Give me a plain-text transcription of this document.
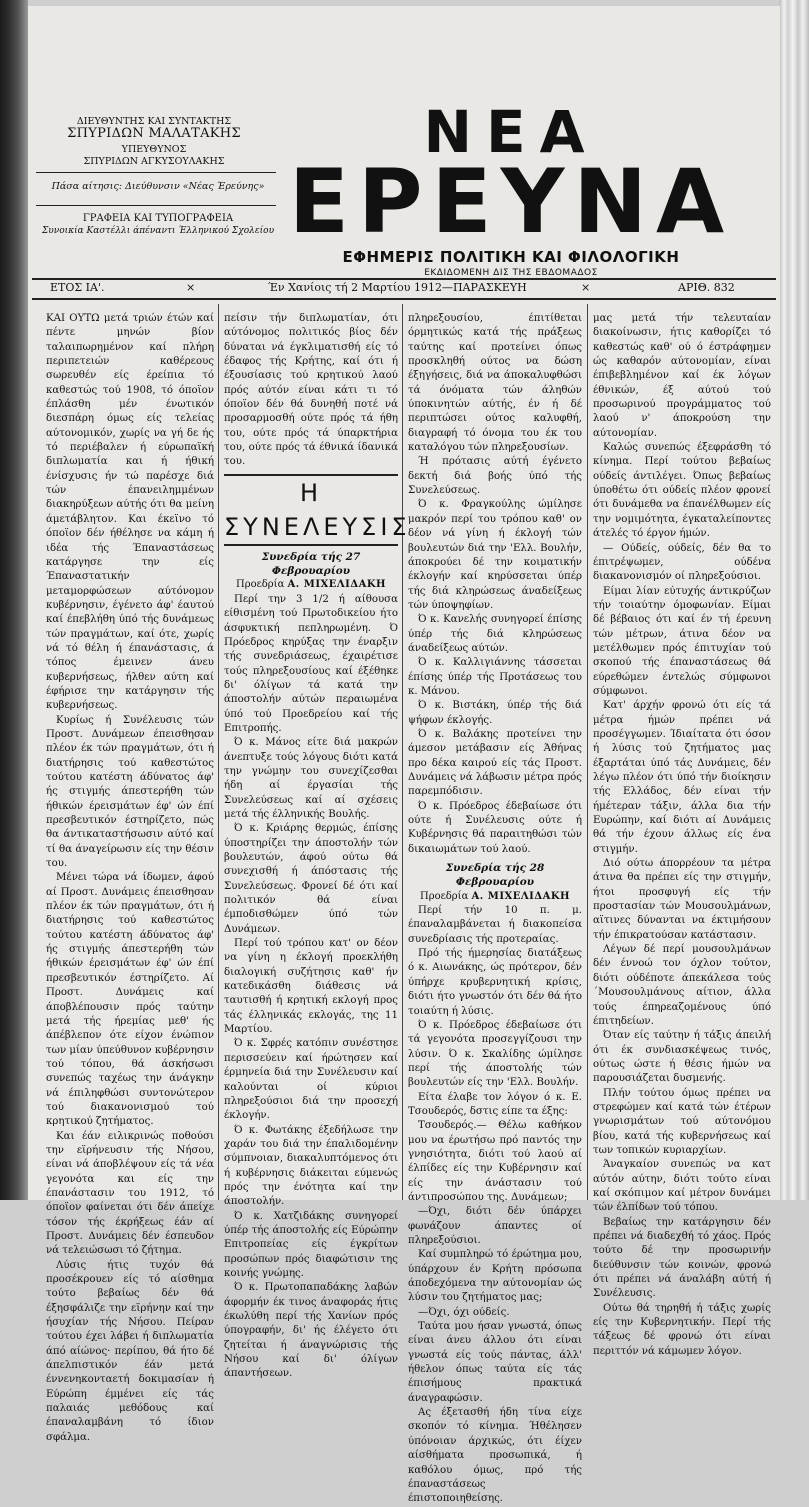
ΔΙΕΥΘΥΝΤΗΣ ΚΑΙ ΣΥΝΤΑΚΤΗΣ
ΣΠΥΡΙΔΩΝ ΜΑΛΑΤΑΚΗΣ
ΥΠΕΥΘΥΝΟΣ
ΣΠΥΡΙΔΩΝ ΑΓΚΥΣΟΥΛΑΚΗΣ
Πάσα αίτησις: Διεύθυνσιν «Νέας Έρεύνης»
ΓΡΑΦΕΙΑ ΚΑΙ ΤΥΠΟΓΡΑΦΕΙΑ
Συνοικία Καστέλλι άπέναντι Έλληνικού Σχολείου
ΝΕΑ
ΕΡΕΥΝΑ
ΕΦΗΜΕΡΙΣ ΠΟΛΙΤΙΚΗ ΚΑΙ ΦΙΛΟΛΟΓΙΚΗ
ΕΚΔΙΔΟΜΕΝΗ ΔΙΣ ΤΗΣ ΕΒΔΟΜΑΔΟΣ
ΕΤΟΣ ΙΑ'.	×	Έν Χανίοις τή 2 Μαρτίου 1912—ΠΑΡΑΣΚΕΥΗ	×	ΑΡΙΘ. 832

ΚΑΙ ΟΥΤΩ μετά τριών έτών καί πέντε μηνών βίον ταλαιπωρημένον καί πλήρη περιπετειών καθέρεους σωρευθέν είς έρείπια τό καθεστώς τού 1908, τό όποϊον έπλάσθη μέν ένωτικόν διεσπάρη όμως είς τελείας αύτονομικόν, χωρίς να γή δε ής τό περιέβαλεν ή εύρωπαϊκή διπλωματία και ή ήθική ένίσχυσις ήν τώ παρέσχε διά τών έπανειλημμένων διακηρύξεων αύτής ότι θα μείνη άμετάβλητον. Και έκεϊνο τό όποϊον δέν ήθέλησε να κάμη ή ιδέα τής Έπαναστάσεως κατάργησε την είς Έπαναστατικήν μεταμορφώσεων αύτόνομον κυβέρνησιν, έγένετο άφ' έαυτού καί έπεβλήθη ύπό τής δυνάμεως τών πραγμάτων, καί ότε, χωρίς νά τό θέλη ή έπανάστασις, ά τόπος έμεινεν άνευ κυβερνήσεως, ήλθεν αύτη καί έφήρισε την κατάργησιν τής κυβερνήσεως.

Κυρίως ή Συνέλευσις τών Προστ. Δυνάμεων έπεισθησαν πλέον έκ τών πραγμάτων, ότι ή διατήρησις τού καθεστώτος τούτου κατέστη άδύνατος άφ' ής στιγμής άπεστερήθη τών ήθικών έρεισμάτων έφ' ών έπί πρεσβευτικόν έστηρίζετο, πώς θα άντικαταστήσωσιν αύτό καί τί θα άναγείρωσιν είς την θέσιν του.

Μένει τώρα νά ίδωμεν, άφού αί Προστ. Δυνάμεις έπεισθησαν πλέον έκ τών πραγμάτων, ότι ή διατήρησις τού καθεστώτος τούτου κατέστη άδύνατος άφ' ής στιγμής άπεστερήθη τών ήθικών έρεισμάτων έφ' ών έπί πρεσβευτικόν έστηρίζετο. Αί Προστ. Δυνάμεις καί άποβλέπουσιν πρός ταύτην μετά τής ήρεμίας μεθ' ής άπέβλεπον ότε είχον ένώπιον των μίαν ύπεύθυνον κυβέρνησιν τού τόπου, θά άσκήσωσι συνεπώς ταχέως την άνάγκην νά έπιληφθώσι συντονώτερον τού διακανονισμού τού κρητικού ζητήματος.

Και έάν ειλικρινώς ποθούσι την εϊρήνευσιν τής Νήσου, είναι νά άποβλέψουν είς τά νέα γεγονότα και είς την έπανάστασιν του 1912, τό όποϊον φαίνεται ότι δέν άπείχε τόσον τής έκρήξεως έάν αί Προστ. Δυνάμεις δέν έσπευδον νά τελειώσωσι τό ζήτημα.

Λύσις ήτις τυχόν θά προσέκρουεν είς τό αίσθημα τούτο βεβαίως δέν θά έξησφάλιζε την εϊρήνην καί την ήσυχίαν τής Νήσου. Πείραν τούτου έχει λάβει ή διπλωματία άπό αίώνος· περίπου, θά ήτο δέ άπελπιστικόν έάν μετά έννενηκονταετή δοκιμασίαν ή Εύρώπη έμμένει είς τάς παλαιάς μεθόδους καί έπαναλαμβάνη τό ίδιον σφάλμα.

πείσιν τήν διπλωματίαν, ότι αύτόνομος πολιτικός βίος δέν δύναται νά έγκλιματισθή είς τό έδαφος τής Κρήτης, καί ότι ή έξουσίασις τού κρητικού λαού πρός αύτόν είναι κάτι τι τό όποϊον δέν θά δυνηθή ποτέ νά προσαρμοσθή ούτε πρός τά ήθη του, ούτε πρός τά ύπαρκτήρια του, ούτε πρός τά έθνικά ίδανικά του.

Η ΣΥΝΕΛΕΥΣΙΣ
Συνεδρία τής 27 Φεβρουαρίου
Προεδρία Α. ΜΙΧΕΛΙΔΑΚΗ

Περί την 3 1/2 ή αίθουσα είθισμένη τού Πρωτοδικείου ήτο άσφυκτική πεπληρωμένη. Ό Πρόεδρος κηρύξας την έναρξιν τής συνεδριάσεως, έχαιρέτισε τούς πληρεξουσίους καί έξέθηκε δι' όλίγων τά κατά την άποστολήν αύτών περαιωμένα ύπό τού Προεδρείου καί τής Επιτροπής.

Ό κ. Μάνος είτε διά μακρών άνεπτυξε τούς λόγους διότι κατά την γνώμην του συνεχίζεσθαι ήδη αί έργασίαι τής Συνελεύσεως καί αί σχέσεις μετά τής έλληνικής Βουλής.

Ό κ. Κριάρης θερμώς, έπίσης ύποστηρίζει την άποστολήν τών βουλευτών, άφού ούτω θά συνεχισθή ή άπόστασις τής Συνελεύσεως. Φρονεί δέ ότι καί πολιτικόν θά είναι έμποδισθώμεν ύπό τών Δυνάμεων.

Περί τού τρόπου κατ' ον δέον να γίνη η έκλογή προεκλήθη διαλογική συζήτησις καθ' ήν κατεδικάσθη διάθεσις νά ταυτισθή ή κρητική εκλογή προς τάς έλληνικάς εκλογάς, της 11 Μαρτίου.

Ό κ. Σφρές κατόπιν συνέστησε περισσεύειν καί ήρώτησεν καί έρμηνεία διά την Συνέλευσιν καί καλούνται οί κύριοι πληρεξούσιοι διά την προσεχή έκλογήν.

Ό κ. Φωτάκης έξεδήλωσε την χαράν του διά την έπαλιδομένην σύμπνοιαν, διακαλυπτόμενος ότι ή κυβέρνησις διάκειται εύμενώς πρός την ένότητα καί την άποστολήν.

Ό κ. Χατζιδάκης συνηγορεί ύπέρ τής άποστολής είς Εύρώπην Επιτροπείας είς έγκρίτων προσώπων πρός διαφώτισιν της κοινής γνώμης.

Ό κ. Πρωτοπαπαδάκης λαβών άφορμήν έκ τινος άναφοράς ήτις έκωλύθη περί τής Χανίων πρός ύπογραφήν, δι' ής έλέγετο ότι ζητείται ή άναγνώρισις τής Νήσου καί δι' όλίγων άπαντήσεων.

πληρεξουσίου, έπιτίθεται όρμητικώς κατά τής πράξεως ταύτης καί προτείνει όπως προσκληθή ούτος να δώση έξηγήσεις, διά να άποκαλυφθώσι τά όνόματα τών άληθών ύποκινητών αύτής, έν ή δέ περιπτώσει ούτος καλυφθή, διαγραφή τό όνομα του έκ του καταλόγου τών πληρεξουσίων.

Ή πρότασις αύτή έγένετο δεκτή διά βοής ύπό τής Συνελεύσεως.

Ό κ. Φραγκούλης ώμίλησε μακρόν περί του τρόπου καθ' ον δέον νά γίνη ή έκλογή τών βουλευτών διά την 'Ελλ. Βουλήν, άποκρούει δέ την κοιματικήν έκλογήν καί κηρύσσεται ύπέρ τής διά κληρώσεως άναδείξεως τών ύποψηφίων.

Ό κ. Κανελής συνηγορεί έπίσης ύπέρ τής διά κληρώσεως άναδείξεως αύτών.

Ό κ. Καλλιγιάννης τάσσεται έπίσης ύπέρ τής Προτάσεως του κ. Μάνου.

Ό κ. Βιστάκη, ύπέρ τής διά ψήφων έκλογής.

Ό κ. Βαλάκης προτείνει την άμεσον μετάβασιν είς Άθήνας προ δέκα καιρού είς τάς Προστ. Δυνάμεις νά λάβωσιν μέτρα πρός παρεμπόδισιν.

Ό κ. Πρόεδρος έδεβαίωσε ότι ούτε ή Συνέλευσις ούτε ή Κυβέρνησις θά παραιτηθώσι τών δικαιωμάτων τού λαού.

Συνεδρία τής 28 Φεβρουαρίου
Προεδρία Α. ΜΙΧΕΛΙΔΑΚΗ

Περί τήν 10 π. μ. έπαναλαμβάνεται ή διακοπείσα συνεδρίασις τής προτεραίας.

Πρό τής ήμερησίας διατάξεως ό κ. Αιωνάκης, ώς πρότερον, δέν ύπήρχε κρυβερνητική κρίσις, διότι ήτο γνωστόν ότι δέν θά ήτο τοιαύτη ή λύσις.

Ό κ. Πρόεδρος έδεβαίωσε ότι τά γεγονότα προσεγγίζουσι την λύσιν. Ό κ. Σκαλίδης ώμίλησε περί τής άποστολής τών βουλευτών είς την 'Ελλ. Βουλήν.

Είτα έλαβε τον λόγον ό κ. Ε. Τσουδερός, δστις είπε τα έξης:

Τσουδερός.— Θέλω καθήκον μου να έρωτήσω πρό παντός την γνησιότητα, διότι τού λαού αί έλπίδες είς την Κυβέρνησιν καί είς την άνάστασιν τού άντιπροσώπου της. Δυνάμεων;

—Όχι, διότι δέν ύπάρχει φωνάζουν άπαντες οί πληρεξούσιοι.

Καί συμπληρώ τό έρώτημα μου, ύπάρχουν έν Κρήτη πρόσωπα άποδεχόμενα την αύτονομίαν ώς λύσιν του ζητήματος μας;

—Όχι, όχι ούδείς.

Ταύτα μου ήσαν γνωστά, όπως είναι άνευ άλλου ότι είναι γνωστά είς τούς πάντας, άλλ' ήθελον όπως ταύτα είς τάς έπισήμους πρακτικά άναγραφώσιν.

Ας έξετασθή ήδη τίνα είχε σκοπόν τό κίνημα. Ήθέλησεν ύπόνοιαν άρχικώς, ότι έίχεν αίσθήματα προσωπικά, ή καθόλου όμως, πρό τής έπαναστάσεως έπιστοποιηθείσης.

μας μετά τήν τελευταίαν διακοίνωσιν, ήτις καθορίζει τό καθεστώς καθ' ού ό έστράφημεν ώς καθαρόν αύτονομίαν, είναι έπιβεβλημένον καί έκ λόγων έθνικών, έξ αύτού τού προσωρινού προγράμματος τού λαού ν' άποκρούση την αύτονομίαν.

Καλώς συνεπώς έξεφράσθη τό κίνημα. Περί τούτου βεβαίως ούδείς άντιλέγει. Όπως βεβαίως ύποθέτω ότι ούδείς πλέον φρονεί ότι δυνάμεθα να έπανέλθωμεν είς την νομιμότητα, έγκαταλείποντες άτελές τό έργον ήμών.

— Ούδείς, ούδείς, δέν θα το έπιτρέψωμεν, ούδένα διακανονισμόν οί πληρεξούσιοι.

Είμαι λίαν εύτυχής άντικρύζων τήν τοιαύτην όμοφωνίαν. Είμαι δέ βέβαιος ότι καί έν τή έρευνη τών μέτρων, άτινα δέον να μετέλθωμεν πρός έπιτυχίαν τού σκοπού τής έπαναστάσεως θά εύρεθώμεν έντελώς σύμφωνοι σύμφωνοι.

Κατ' άρχήν φρονώ ότι είς τά μέτρα ήμών πρέπει νά προσέγγωμεν. Ίδιαίτατα ότι όσον ή λύσις τού ζητήματος μας έξαρτάται ύπό τάς Δυνάμεις, δέν λέγω πλέον ότι ύπό τήν διοίκησιν τής Ελλάδος, δέν είναι τήν ήμέτεραν τάξιν, άλλα δια τήν Ευρώπην, καί διότι αί Δυνάμεις θά τήν έχουν άλλως είς ένα στιγμήν.

Διό ούτω άπορρέουν τα μέτρα άτινα θα πρέπει είς την στιγμήν, ήτοι προσφυγή είς τήν προστασίαν τών Μουσουλμάνων, αϊτινες δύνανται να έκτιμήσουν τήν έπικρατούσαν κατάστασιν.

Λέγων δέ περί μουσουλμάνων δέν έννοώ τον όχλον τούτον, διότι ούδέποτε άπεκάλεσα τούς ΄Μουσουλμάνους αίτιον, άλλα τούς έπηρεαζομένους ύπό έπιτηδείων.

Όταν είς ταύτην ή τάξις άπειλή ότι έκ συνδιασκέψεως τινός, ούτως ώστε ή θέσις ήμών να παρουσιάζεται δυσμενής.

Πλήν τούτου όμως πρέπει να στρεφώμεν καί κατά τών έτέρων γνωρισμάτων τού αύτονόμου βίου, κατά τής κυβερνήσεως καί των τοπικών κυριαρχίων.

Άναγκαίον συνεπώς να κατ αύτόν αύτην, διότι τούτο είναι καί σκόπιμον καί μέτρον δυνάμει τών έλπίδων τού τόπου.

Βεβαίως την κατάργησιν δέν πρέπει νά διαδεχθή τό χάος. Πρός τούτο δέ την προσωρινήν διεύθυνσιν τών κοινών, φρονώ ότι πρέπει νά άναλάβη αύτή ή Συνέλευσις.

Ούτω θά τηρηθή ή τάξις χωρίς είς την Κυβερνητικήν. Περί τής τάξεως δέ φρονώ ότι είναι περιττόν νά κάμωμεν λόγον.
